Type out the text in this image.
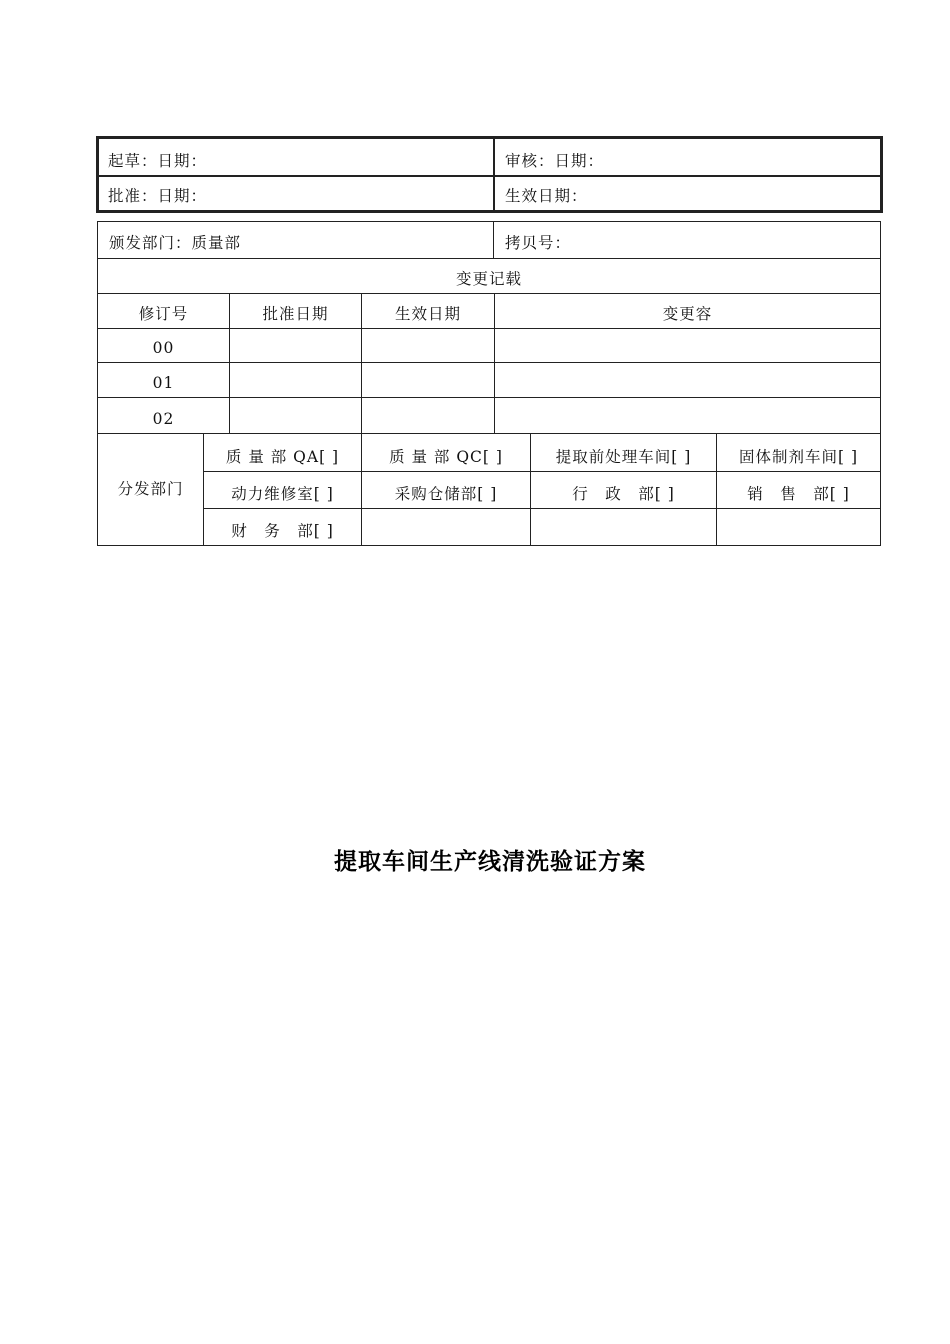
起草：日期：	审核：日期：
批准：日期：	生效日期：
颁发部门：质量部	拷贝号：
变更记载
修订号	批准日期	生效日期	变更容
00
01
02
分发部门
质 量 部 QA[ ]	质 量 部 QC[ ]	提取前处理车间[ ]	固体制剂车间[ ]
动力维修室[ ]	采购仓储部[ ]	行　政　部[ ]	销　售　部[ ]
财　务　部[ ]
提取车间生产线清洗验证方案
